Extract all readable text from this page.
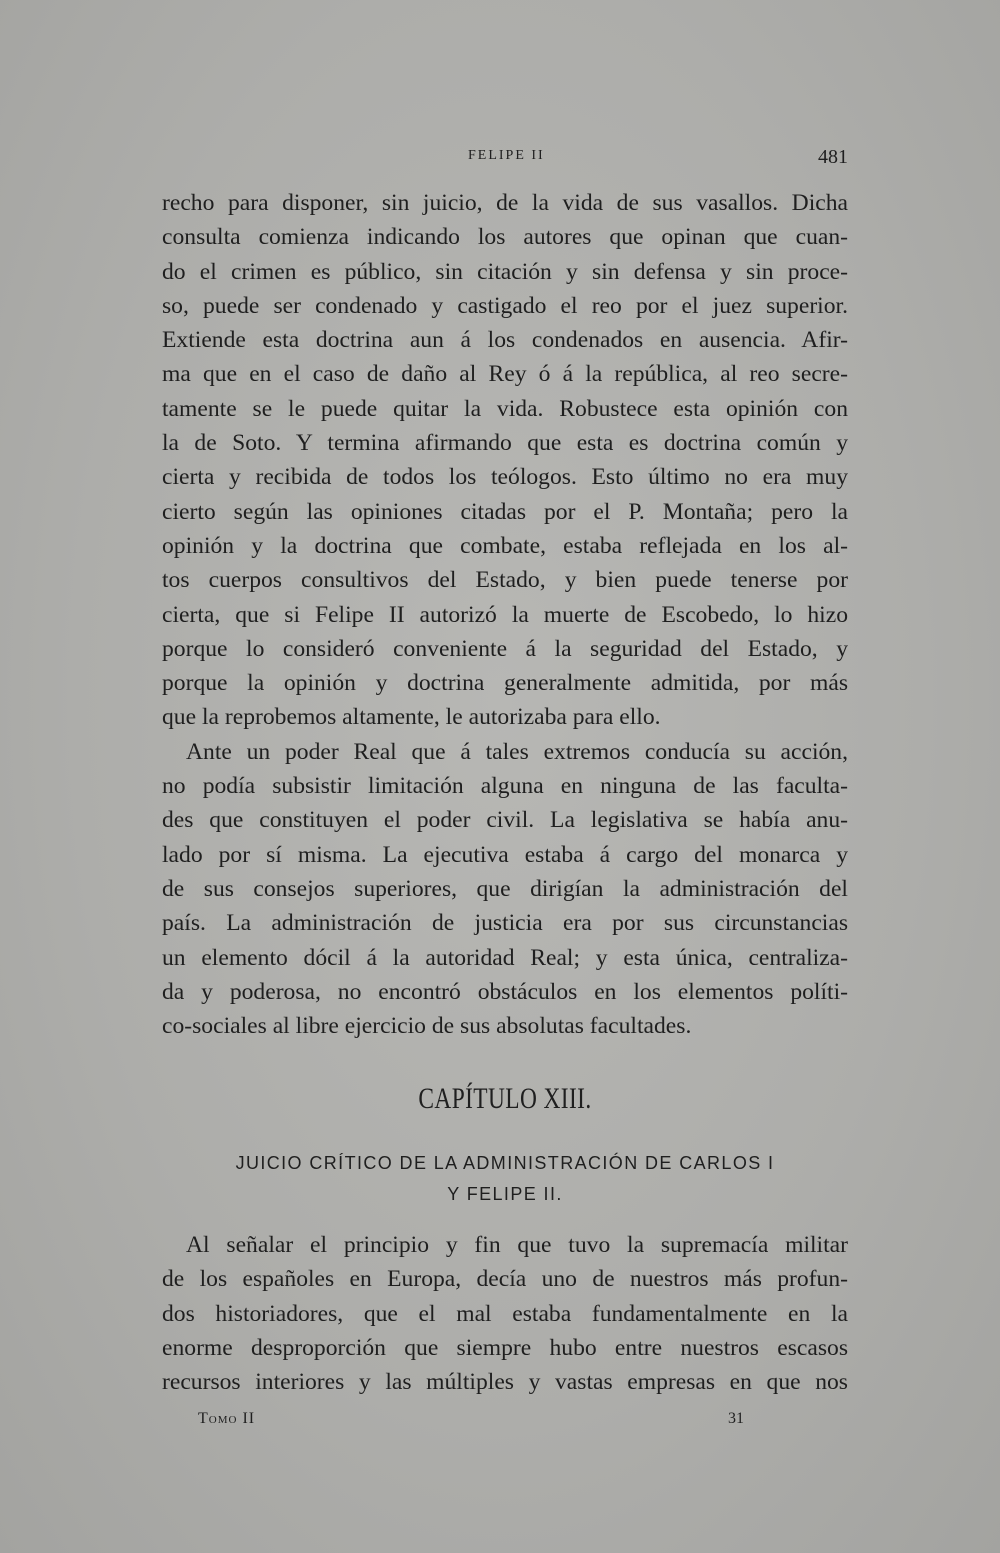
FELIPE II	481
recho para disponer, sin juicio, de la vida de sus vasallos. Dicha
consulta comienza indicando los autores que opinan que cuan-
do el crimen es público, sin citación y sin defensa y sin proce-
so, puede ser condenado y castigado el reo por el juez superior.
Extiende esta doctrina aun á los condenados en ausencia. Afir-
ma que en el caso de daño al Rey ó á la república, al reo secre-
tamente se le puede quitar la vida. Robustece esta opinión con
la de Soto. Y termina afirmando que esta es doctrina común y
cierta y recibida de todos los teólogos. Esto último no era muy
cierto según las opiniones citadas por el P. Montaña; pero la
opinión y la doctrina que combate, estaba reflejada en los al-
tos cuerpos consultivos del Estado, y bien puede tenerse por
cierta, que si Felipe II autorizó la muerte de Escobedo, lo hizo
porque lo consideró conveniente á la seguridad del Estado, y
porque la opinión y doctrina generalmente admitida, por más
que la reprobemos altamente, le autorizaba para ello.
Ante un poder Real que á tales extremos conducía su acción,
no podía subsistir limitación alguna en ninguna de las faculta-
des que constituyen el poder civil. La legislativa se había anu-
lado por sí misma. La ejecutiva estaba á cargo del monarca y
de sus consejos superiores, que dirigían la administración del
país. La administración de justicia era por sus circunstancias
un elemento dócil á la autoridad Real; y esta única, centraliza-
da y poderosa, no encontró obstáculos en los elementos políti-
co-sociales al libre ejercicio de sus absolutas facultades.
CAPÍTULO XIII.
JUICIO CRÍTICO DE LA ADMINISTRACIÓN DE CARLOS I
Y FELIPE II.
Al señalar el principio y fin que tuvo la supremacía militar
de los españoles en Europa, decía uno de nuestros más profun-
dos historiadores, que el mal estaba fundamentalmente en la
enorme desproporción que siempre hubo entre nuestros escasos
recursos interiores y las múltiples y vastas empresas en que nos
Tomo II	31
